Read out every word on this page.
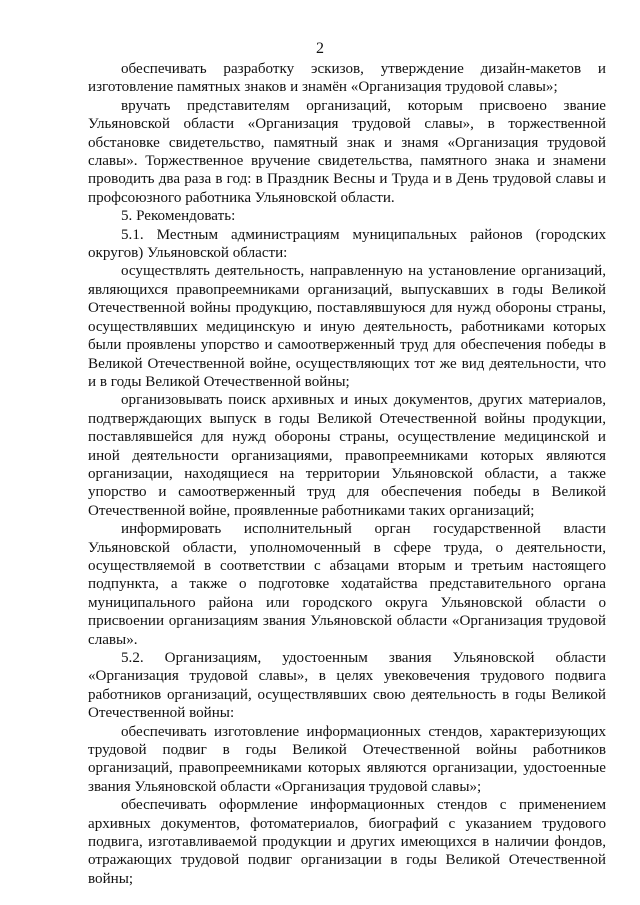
2

обеспечивать разработку эскизов, утверждение дизайн-макетов и изготовление памятных знаков и знамён «Организация трудовой славы»;

вручать представителям организаций, которым присвоено звание Ульяновской области «Организация трудовой славы», в торжественной обстановке свидетельство, памятный знак и знамя «Организация трудовой славы». Торжественное вручение свидетельства, памятного знака и знамени проводить два раза в год: в Праздник Весны и Труда и в День трудовой славы и профсоюзного работника Ульяновской области.

5. Рекомендовать:

5.1. Местным администрациям муниципальных районов (городских округов) Ульяновской области:

осуществлять деятельность, направленную на установление организаций, являющихся правопреемниками организаций, выпускавших в годы Великой Отечественной войны продукцию, поставлявшуюся для нужд обороны страны, осуществлявших медицинскую и иную деятельность, работниками которых были проявлены упорство и самоотверженный труд для обеспечения победы в Великой Отечественной войне, осуществляющих тот же вид деятельности, что и в годы Великой Отечественной войны;

организовывать поиск архивных и иных документов, других материалов, подтверждающих выпуск в годы Великой Отечественной войны продукции, поставлявшейся для нужд обороны страны, осуществление медицинской и иной деятельности организациями, правопреемниками которых являются организации, находящиеся на территории Ульяновской области, а также упорство и самоотверженный труд для обеспечения победы в Великой Отечественной войне, проявленные работниками таких организаций;

информировать исполнительный орган государственной власти Ульяновской области, уполномоченный в сфере труда, о деятельности, осуществляемой в соответствии с абзацами вторым и третьим настоящего подпункта, а также о подготовке ходатайства представительного органа муниципального района или городского округа Ульяновской области о присвоении организациям звания Ульяновской области «Организация трудовой славы».

5.2. Организациям, удостоенным звания Ульяновской области «Организация трудовой славы», в целях увековечения трудового подвига работников организаций, осуществлявших свою деятельность в годы Великой Отечественной войны:

обеспечивать изготовление информационных стендов, характеризующих трудовой подвиг в годы Великой Отечественной войны работников организаций, правопреемниками которых являются организации, удостоенные звания Ульяновской области «Организация трудовой славы»;

обеспечивать оформление информационных стендов с применением архивных документов, фотоматериалов, биографий с указанием трудового подвига, изготавливаемой продукции и других имеющихся в наличии фондов, отражающих трудовой подвиг организации в годы Великой Отечественной войны;
